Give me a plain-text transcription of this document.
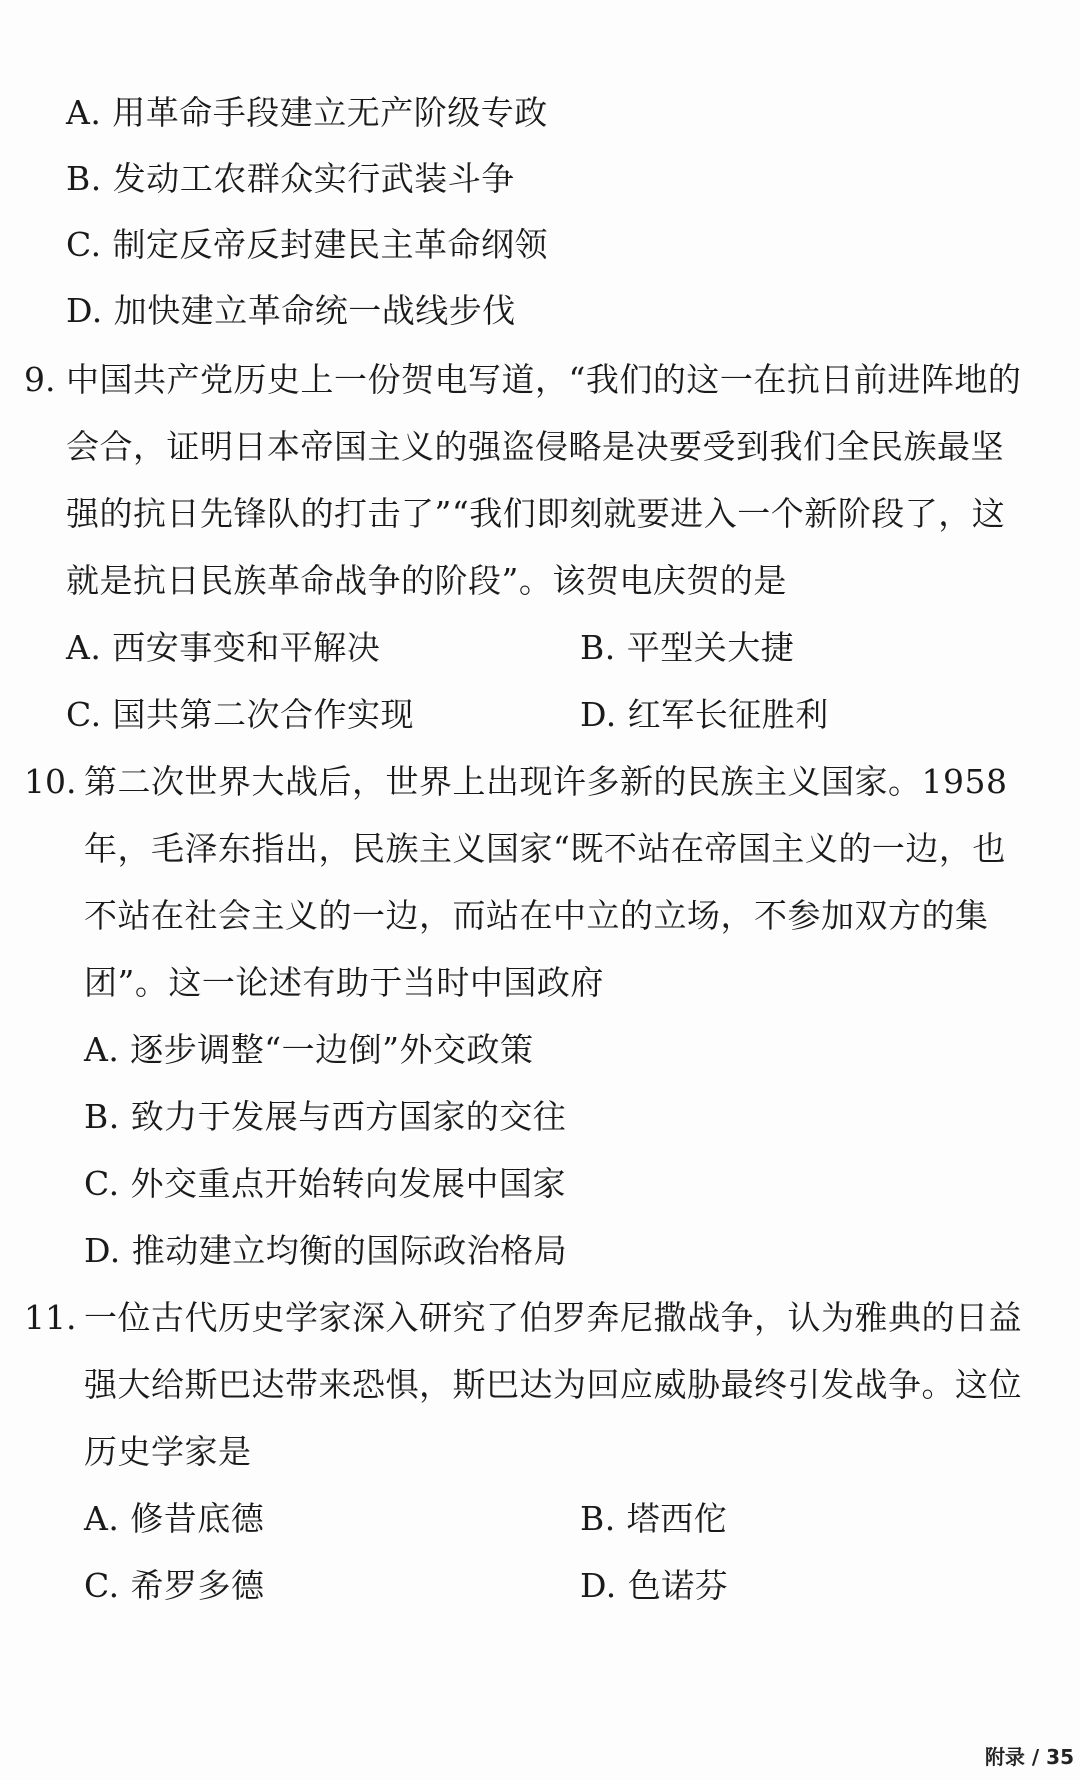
A. 用革命手段建立无产阶级专政
B. 发动工农群众实行武装斗争
C. 制定反帝反封建民主革命纲领
D. 加快建立革命统一战线步伐
9. 中国共产党历史上一份贺电写道，“我们的这一在抗日前进阵地的
会合，证明日本帝国主义的强盗侵略是决要受到我们全民族最坚
强的抗日先锋队的打击了”“我们即刻就要进入一个新阶段了，这
就是抗日民族革命战争的阶段”。该贺电庆贺的是
A. 西安事变和平解决	B. 平型关大捷
C. 国共第二次合作实现	D. 红军长征胜利
10. 第二次世界大战后，世界上出现许多新的民族主义国家。1958
年，毛泽东指出，民族主义国家“既不站在帝国主义的一边，也
不站在社会主义的一边，而站在中立的立场，不参加双方的集
团”。这一论述有助于当时中国政府
A. 逐步调整“一边倒”外交政策
B. 致力于发展与西方国家的交往
C. 外交重点开始转向发展中国家
D. 推动建立均衡的国际政治格局
11. 一位古代历史学家深入研究了伯罗奔尼撒战争，认为雅典的日益
强大给斯巴达带来恐惧，斯巴达为回应威胁最终引发战争。这位
历史学家是
A. 修昔底德	B. 塔西佗
C. 希罗多德	D. 色诺芬
附录 / 35
